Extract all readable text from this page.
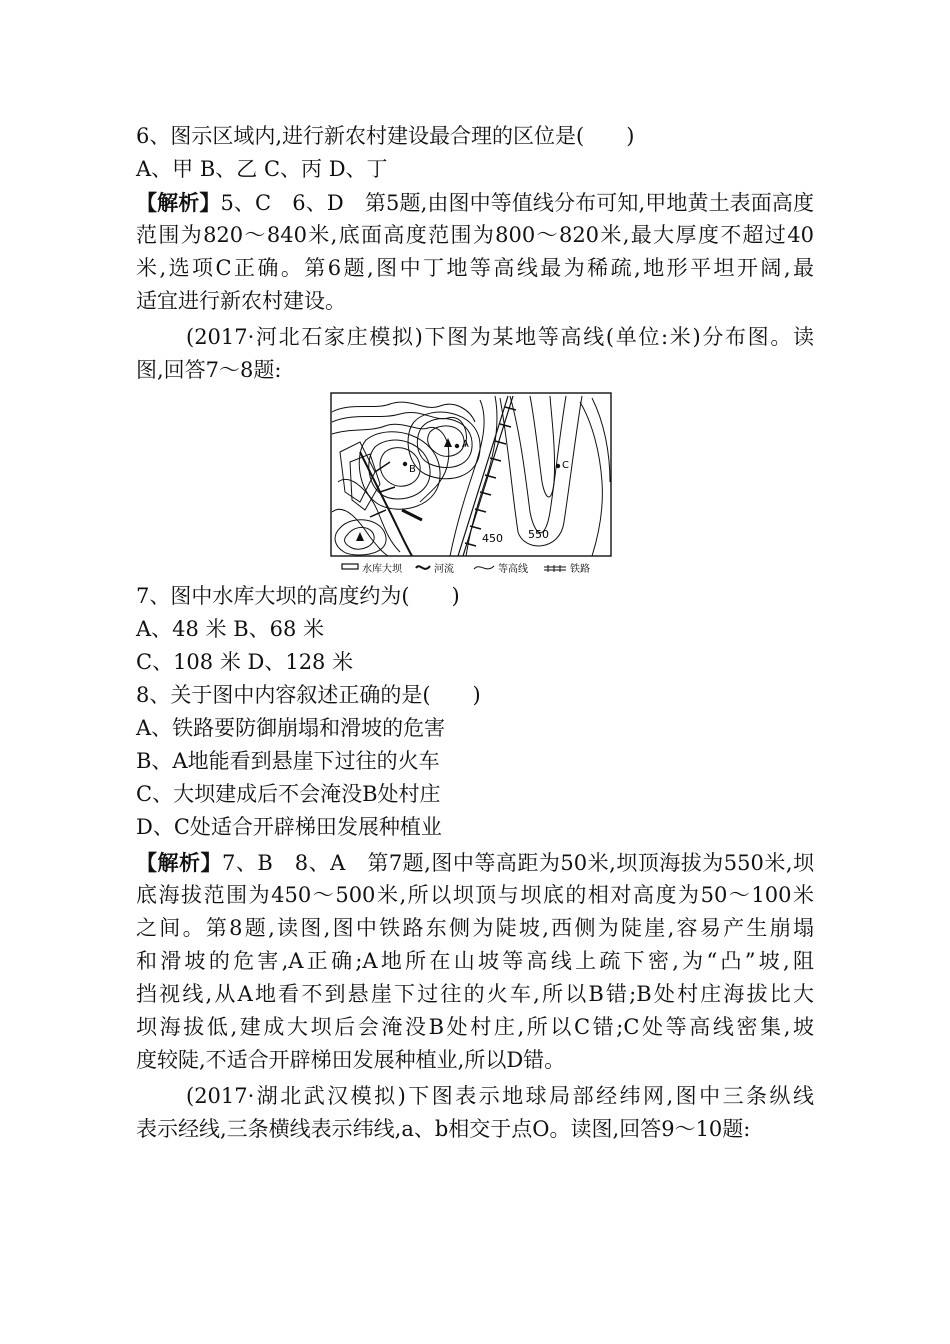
6、图示区域内,进行新农村建设最合理的区位是(　　)
A、甲 B、乙 C、丙 D、丁
【解析】5、C　6、D　第5题,由图中等值线分布可知,甲地黄土表面高度
范围为820～840米,底面高度范围为800～820米,最大厚度不超过40
米,选项C正确。第6题,图中丁地等高线最为稀疏,地形平坦开阔,最
适宜进行新农村建设。
(2017·河北石家庄模拟)下图为某地等高线(单位:米)分布图。读
图,回答7～8题:
A
B	C
450 550
水库大坝	河流	等高线	铁路
7、图中水库大坝的高度约为(　　)
A、48 米 B、68 米
C、108 米 D、128 米
8、关于图中内容叙述正确的是(　　)
A、铁路要防御崩塌和滑坡的危害
B、A地能看到悬崖下过往的火车
C、大坝建成后不会淹没B处村庄
D、C处适合开辟梯田发展种植业
【解析】7、B　8、A　第7题,图中等高距为50米,坝顶海拔为550米,坝
底海拔范围为450～500米,所以坝顶与坝底的相对高度为50～100米
之间。第8题,读图,图中铁路东侧为陡坡,西侧为陡崖,容易产生崩塌
和滑坡的危害,A正确;A地所在山坡等高线上疏下密,为“凸”坡,阻
挡视线,从A地看不到悬崖下过往的火车,所以B错;B处村庄海拔比大
坝海拔低,建成大坝后会淹没B处村庄,所以C错;C处等高线密集,坡
度较陡,不适合开辟梯田发展种植业,所以D错。
(2017·湖北武汉模拟)下图表示地球局部经纬网,图中三条纵线
表示经线,三条横线表示纬线,a、b相交于点O。读图,回答9～10题:
